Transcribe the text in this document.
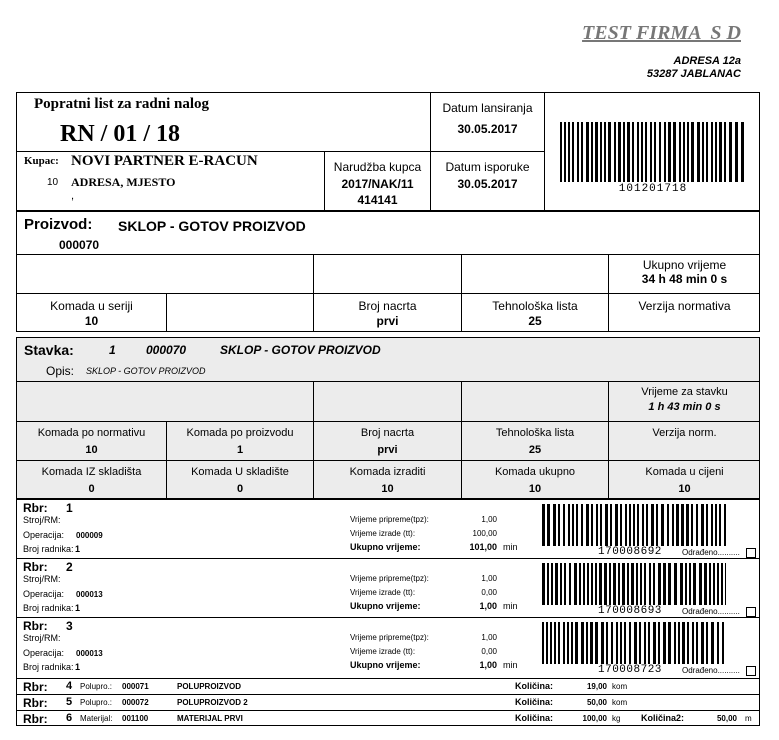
TEST FIRMA  S D
ADRESA 12a
53287 JABLANAC
Popratni list za radni nalog
RN / 01 / 18
Datum lansiranja
30.05.2017
Kupac: NOVI PARTNER E-RACUN
10 ADRESA, MJESTO
,
Narudžba kupca
2017/NAK/11
414141
Datum isporuke
30.05.2017	101201718
Proizvod: SKLOP - GOTOV PROIZVOD
000070
Ukupno vrijeme
34 h 48 min 0 s
Komada u seriji
10
Broj nacrta
prvi
Tehnološka lista
25
Verzija normativa
Stavka:	1	000070	SKLOP - GOTOV PROIZVOD
Opis: SKLOP - GOTOV PROIZVOD
Vrijeme za stavku
1 h 43 min 0 s
Komada po normativu
10
Komada po proizvodu
1
Broj nacrta
prvi
Tehnološka lista
25
Verzija norm.
Komada IZ skladišta
0
Komada U skladište
0
Komada izraditi
10
Komada ukupno
10
Komada u cijeni
10
Rbr: 1
Stroj/RM:
Operacija: 000009
Broj radnika: 1
Vrijeme pripreme(tpz):	1,00
Vrijeme izrade (tt):	100,00
Ukupno vrijeme:	101,00 min	170008692	Odrađeno..........
Rbr: 2
Stroj/RM:
Operacija: 000013
Broj radnika: 1
Vrijeme pripreme(tpz):	1,00
Vrijeme izrade (tt):	0,00
Ukupno vrijeme:	1,00 min	170008693	Odrađeno..........
Rbr: 3
Stroj/RM:
Operacija: 000013
Broj radnika: 1
Vrijeme pripreme(tpz):	1,00
Vrijeme izrade (tt):	0,00
Ukupno vrijeme:	1,00 min	170008723	Odrađeno..........
Rbr: 4 Polupro.: 000071	POLUPROIZVOD	Količina:	19,00 kom
Rbr: 5 Polupro.: 000072	POLUPROIZVOD 2	Količina:	50,00 kom
Rbr: 6 Materijal: 001100	MATERIJAL PRVI	Količina:	100,00 kg Količina2:	50,00 m
